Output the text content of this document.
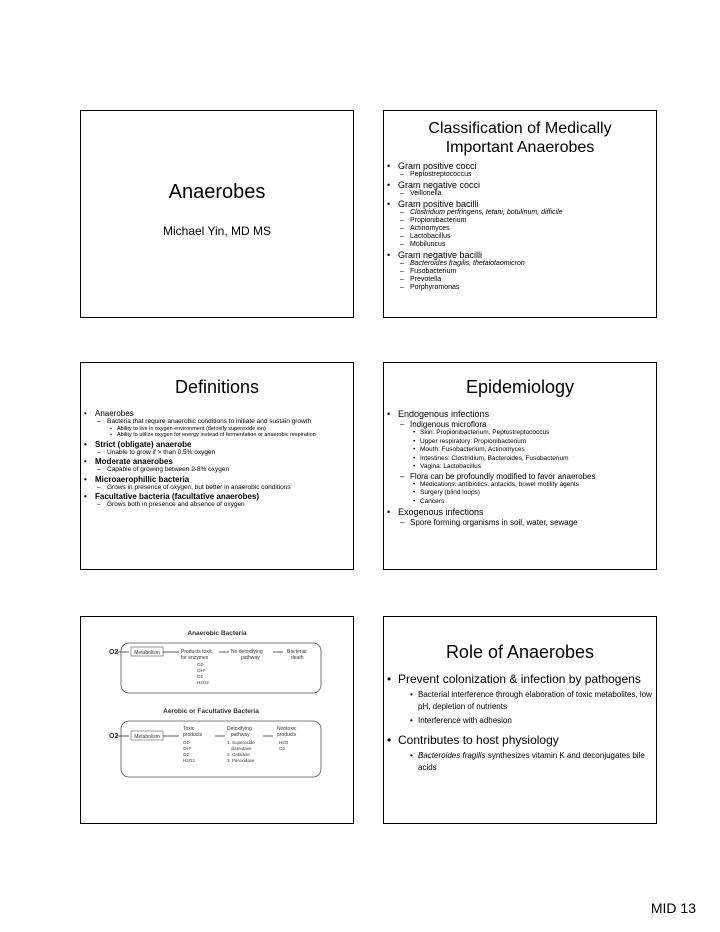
Anaerobes
Michael Yin, MD MS
Classification of Medically
Important Anaerobes
• Gram positive cocci
– Peptostreptococcus
• Gram negative cocci
– Veillonella
• Gram positive bacilli
– Clostridium perfringens, tetani, botulinum, difficile
– Propionibacterium
– Actinomyces
– Lactobacillus
– Mobiluncus
• Gram negative bacilli
– Bacteroides fragilis, thetaiotaomicron
– Fusobacterium
– Prevotella
– Porphyromonas
Definitions
• Anaerobes
– Bacteria that require anaerobic conditions to initiate and sustain growth
• Ability to live in oxygen environment (detoxify superoxide ion)
• Ability to utilize oxygen for energy instead of fermentation or anaerobic respiration
• Strict (obligate) anaerobe
– Unable to grow if > than 0.5% oxygen
• Moderate anaerobes
– Capable of growing between 2-8% oxygen
• Microaerophillic bacteria
– Grows in presence of oxygen, but better in anaerobic conditions
• Facultative bacteria (facultative anaerobes)
– Grows both in presence and absence of oxygen
Epidemiology
• Endogenous infections
– Indigenous microflora
• Skin: Propionibacterium, Peptostreptococcus
• Upper respiratory: Propionibacterium
• Mouth: Fusobacterium, Actinomyces
• Intestines: Clostridium, Bacteroides, Fusobacterium
• Vagina: Lactobacillus
– Flora can be profoundly modified to favor anaerobes
• Medications: antibiotics, antacids, bowel motility agents
• Surgery (blind loops)
• Cancers
• Exogenous infections
– Spore forming organisms in soil, water, sewage
Anaerobic Bacteria
O2	Metabolism	Products toxic
for enzymes
No detoxifying
pathway
Bacterial
death
O2-
OH*
O2
H2O2
Aerobic or Facultative Bacteria
O2	Metabolism
Toxic
products
Detoxifying
pathway
Nontoxic
products
O2-
OH*
O2
H2O2
1. Superoxide
dismutase
2. Catalase
3. Peroxidase
H2O
O2
Role of Anaerobes
• Prevent colonization & infection by pathogens
• Bacterial interference through elaboration of toxic metabolites, low pH, depletion of nutrients
• Interference with adhesion
• Contributes to host physiology
• Bacteroides fragilis synthesizes vitamin K and deconjugates bile acids
MID 13
